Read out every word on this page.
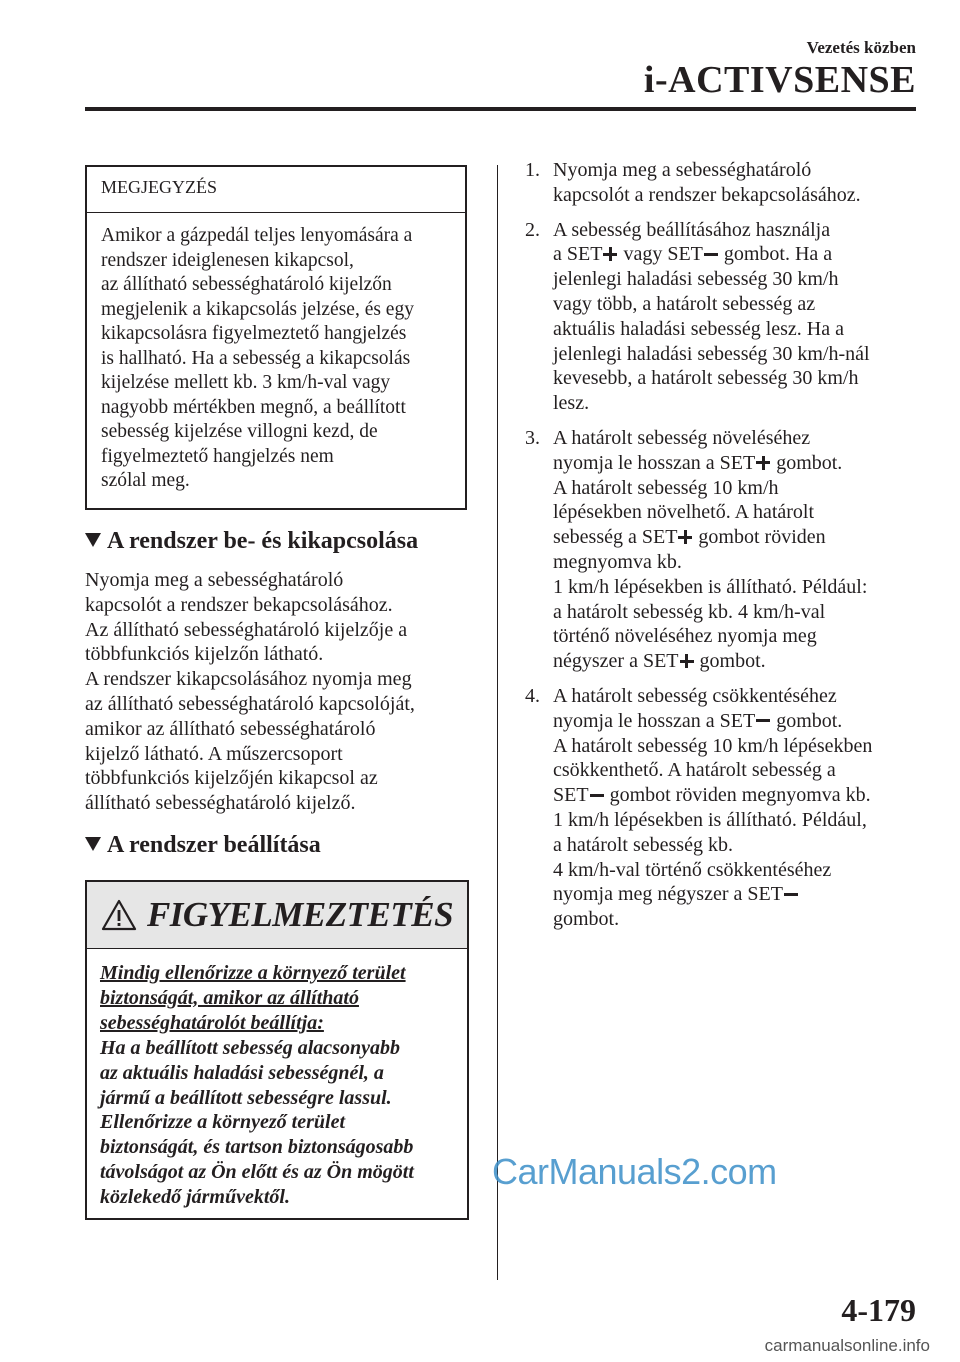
Vezetés közben
i-ACTIVSENSE
MEGJEGYZÉS
Amikor a gázpedál teljes lenyomására a
rendszer ideiglenesen kikapcsol,
az állítható sebességhatároló kijelzőn
megjelenik a kikapcsolás jelzése, és egy
kikapcsolásra figyelmeztető hangjelzés
is hallható. Ha a sebesség a kikapcsolás
kijelzése mellett kb. 3 km/h-val vagy
nagyobb mértékben megnő, a beállított
sebesség kijelzése villogni kezd, de
figyelmeztető hangjelzés nem
szólal meg.
A rendszer be- és kikapcsolása
Nyomja meg a sebességhatároló
kapcsolót a rendszer bekapcsolásához.
Az állítható sebességhatároló kijelzője a
többfunkciós kijelzőn látható.
A rendszer kikapcsolásához nyomja meg
az állítható sebességhatároló kapcsolóját,
amikor az állítható sebességhatároló
kijelző látható. A műszercsoport
többfunkciós kijelzőjén kikapcsol az
állítható sebességhatároló kijelző.
A rendszer beállítása
FIGYELMEZTETÉS
Mindig ellenőrizze a környező terület
biztonságát, amikor az állítható
sebességhatárolót beállítja:
Ha a beállított sebesség alacsonyabb
az aktuális haladási sebességnél, a
jármű a beállított sebességre lassul.
Ellenőrizze a környező terület
biztonságát, és tartson biztonságosabb
távolságot az Ön előtt és az Ön mögött
közlekedő járművektől.
1. Nyomja meg a sebességhatároló
kapcsolót a rendszer bekapcsolásához.
2. A sebesség beállításához használja
a SET vagy SET gombot. Ha a
jelenlegi haladási sebesség 30 km/h
vagy több, a határolt sebesség az
aktuális haladási sebesség lesz. Ha a
jelenlegi haladási sebesség 30 km/h-nál
kevesebb, a határolt sebesség 30 km/h
lesz.
3. A határolt sebesség növeléséhez
nyomja le hosszan a SET gombot.
A határolt sebesség 10 km/h
lépésekben növelhető. A határolt
sebesség a SET gombot röviden
megnyomva kb.
1 km/h lépésekben is állítható. Például:
a határolt sebesség kb. 4 km/h-val
történő növeléséhez nyomja meg
négyszer a SET gombot.
4. A határolt sebesség csökkentéséhez
nyomja le hosszan a SET gombot.
A határolt sebesség 10 km/h lépésekben
csökkenthető. A határolt sebesség a
SET gombot röviden megnyomva kb.
1 km/h lépésekben is állítható. Például,
a határolt sebesség kb.
4 km/h-val történő csökkentéséhez
nyomja meg négyszer a SET
gombot.
CarManuals2.com
4-179
carmanualsonline.info
